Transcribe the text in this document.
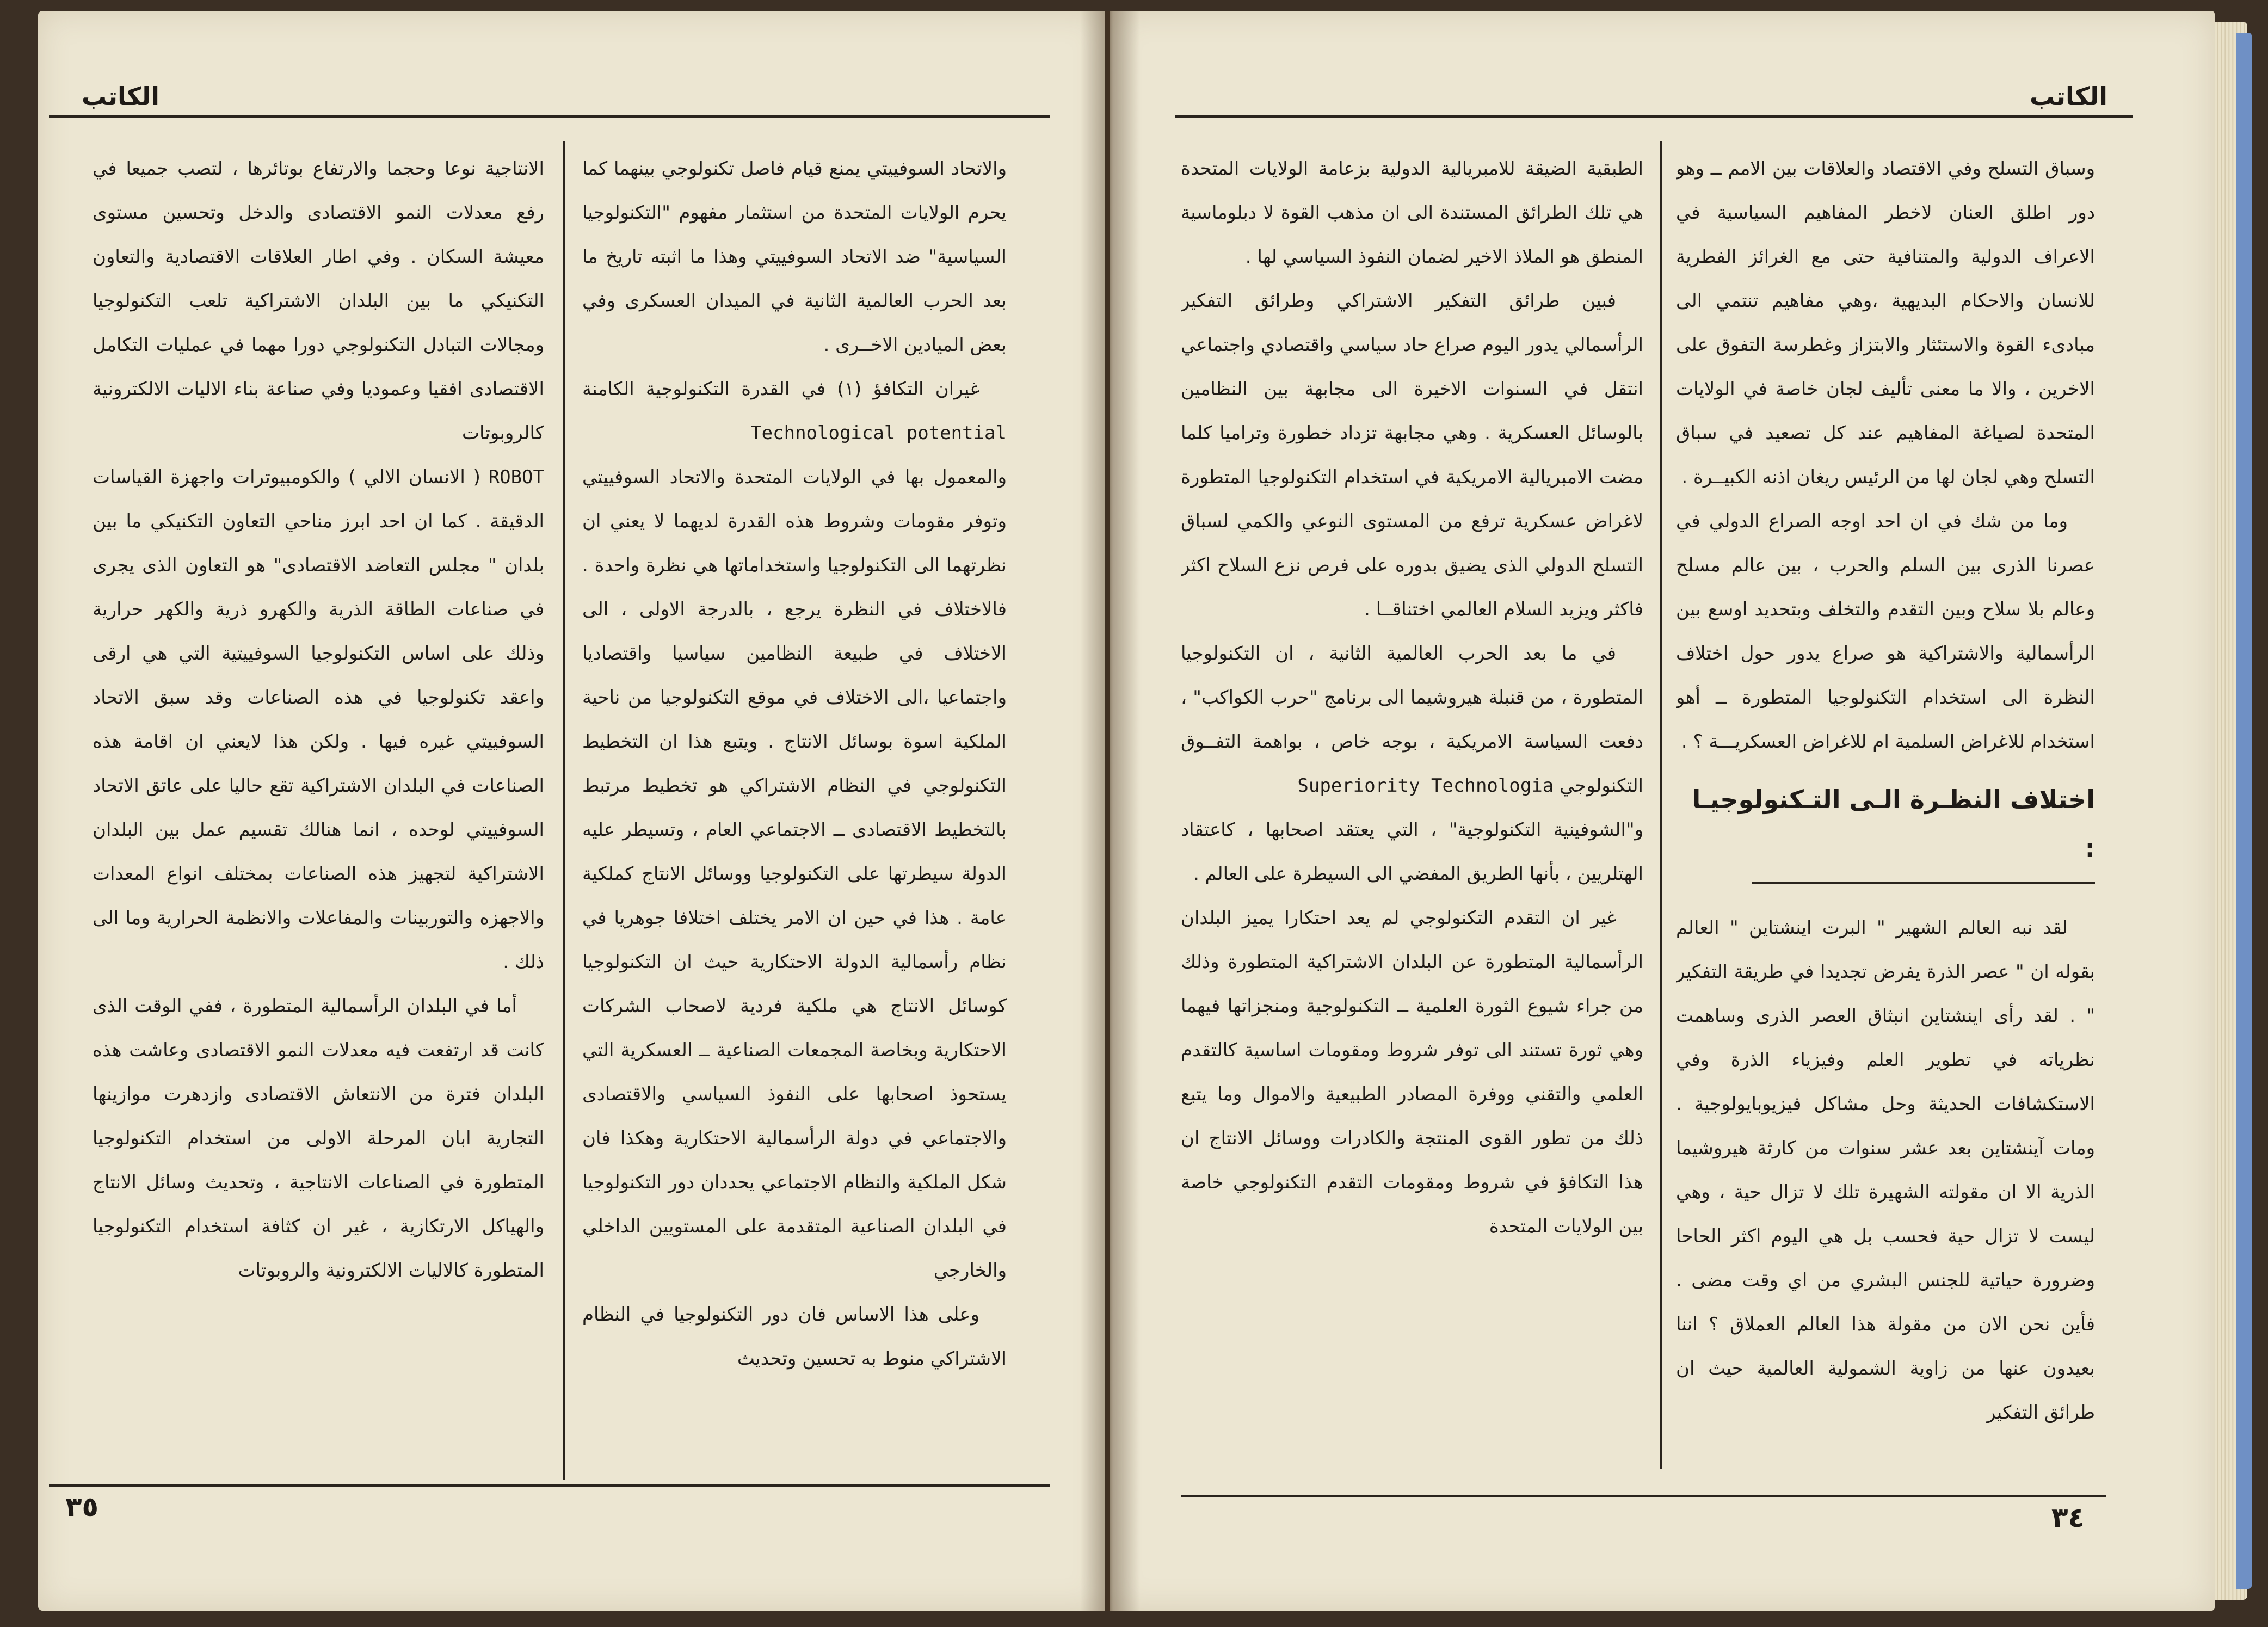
الكاتب
الكاتب

وسباق التسلح وفي الاقتصاد والعلاقات بين الامم ــ وهو دور اطلق العنان لاخطر المفاهيم السياسية في الاعراف الدولية والمتنافية حتى مع الغرائز الفطرية للانسان والاحكام البديهية ،وهي مفاهيم تنتمي الى مبادىء القوة والاستئثار والابتزاز وغطرسة التفوق على الاخرين ، والا ما معنى تأليف لجان خاصة في الولايات المتحدة لصياغة المفاهيم عند كل تصعيد في سباق التسلح وهي لجان لها من الرئيس ريغان اذنه الكبيــرة .

وما من شك في ان احد اوجه الصراع الدولي في عصرنا الذرى بين السلم والحرب ، بين عالم مسلح وعالم بلا سلاح وبين التقدم والتخلف وبتحديد اوسع بين الرأسمالية والاشتراكية هو صراع يدور حول اختلاف النظرة الى استخدام التكنولوجيا المتطورة ــ أهو استخدام للاغراض السلمية ام للاغراض العسكريـــة ؟ .

اختلاف النظـرة الـى التـكنولوجيـا :

لقد نبه العالم الشهير " البرت اينشتاين " العالم بقوله ان " عصر الذرة يفرض تجديدا في طريقة التفكير " . لقد رأى اينشتاين انبثاق العصر الذرى وساهمت نظرياته في تطوير العلم وفيزياء الذرة وفي الاستكشافات الحديثة وحل مشاكل فيزيوبايولوجية . ومات آينشتاين بعد عشر سنوات من كارثة هيروشيما الذرية الا ان مقولته الشهيرة تلك لا تزال حية ، وهي ليست لا تزال حية فحسب بل هي اليوم اكثر الحاحا وضرورة حياتية للجنس البشري من اي وقت مضى . فأين نحن الان من مقولة هذا العالم العملاق ؟ اننا بعيدون عنها من زاوية الشمولية العالمية حيث ان طرائق التفكير

الطبقية الضيقة للامبريالية الدولية بزعامة الولايات المتحدة هي تلك الطرائق المستندة الى ان مذهب القوة لا دبلوماسية المنطق هو الملاذ الاخير لضمان النفوذ السياسي لها .

فبين طرائق التفكير الاشتراكي وطرائق التفكير الرأسمالي يدور اليوم صراع حاد سياسي واقتصادي واجتماعي انتقل في السنوات الاخيرة الى مجابهة بين النظامين بالوسائل العسكرية . وهي مجابهة تزداد خطورة وتراميا كلما مضت الامبريالية الامريكية في استخدام التكنولوجيا المتطورة لاغراض عسكرية ترفع من المستوى النوعي والكمي لسباق التسلح الدولي الذى يضيق بدوره على فرص نزع السلاح اكثر فاكثر ويزيد السلام العالمي اختناقــا .

في ما بعد الحرب العالمية الثانية ، ان التكنولوجيا المتطورة ، من قنبلة هيروشيما الى برنامج "حرب الكواكب" ، دفعت السياسة الامريكية ، بوجه خاص ، بواهمة التفــوق التكنولوجي Superiority Technologia

و"الشوفينية التكنولوجية" ، التي يعتقد اصحابها ، كاعتقاد الهتلريين ، بأنها الطريق المفضي الى السيطرة على العالم .

غير ان التقدم التكنولوجي لم يعد احتكارا يميز البلدان الرأسمالية المتطورة عن البلدان الاشتراكية المتطورة وذلك من جراء شيوع الثورة العلمية ــ التكنولوجية ومنجزاتها فيهما وهي ثورة تستند الى توفر شروط ومقومات اساسية كالتقدم العلمي والتقني ووفرة المصادر الطبيعية والاموال وما يتبع ذلك من تطور القوى المنتجة والكادرات ووسائل الانتاج ان هذا التكافؤ في شروط ومقومات التقدم التكنولوجي خاصة بين الولايات المتحدة

٣٤

والاتحاد السوفييتي يمنع قيام فاصل تكنولوجي بينهما كما يحرم الولايات المتحدة من استثمار مفهوم "التكنولوجيا السياسية" ضد الاتحاد السوفييتي وهذا ما اثبته تاريخ ما بعد الحرب العالمية الثانية في الميدان العسكرى وفي بعض الميادين الاخــرى .

غيران التكافؤ (١) في القدرة التكنولوجية الكامنة Technological potential

والمعمول بها في الولايات المتحدة والاتحاد السوفييتي وتوفر مقومات وشروط هذه القدرة لديهما لا يعني ان نظرتهما الى التكنولوجيا واستخداماتها هي نظرة واحدة . فالاختلاف في النظرة يرجع ، بالدرجة الاولى ، الى الاختلاف في طبيعة النظامين سياسيا واقتصاديا واجتماعيا ،الى الاختلاف في موقع التكنولوجيا من ناحية الملكية اسوة بوسائل الانتاج . ويتبع هذا ان التخطيط التكنولوجي في النظام الاشتراكي هو تخطيط مرتبط بالتخطيط الاقتصادى ــ الاجتماعي العام ، وتسيطر عليه الدولة سيطرتها على التكنولوجيا ووسائل الانتاج كملكية عامة . هذا في حين ان الامر يختلف اختلافا جوهريا في نظام رأسمالية الدولة الاحتكارية حيث ان التكنولوجيا كوسائل الانتاج هي ملكية فردية لاصحاب الشركات الاحتكارية وبخاصة المجمعات الصناعية ــ العسكرية التي يستحوذ اصحابها على النفوذ السياسي والاقتصادى والاجتماعي في دولة الرأسمالية الاحتكارية وهكذا فان شكل الملكية والنظام الاجتماعي يحددان دور التكنولوجيا في البلدان الصناعية المتقدمة على المستويين الداخلي والخارجي

وعلى هذا الاساس فان دور التكنولوجيا في النظام الاشتراكي منوط به تحسين وتحديث

الانتاجية نوعا وحجما والارتفاع بوتائرها ، لتصب جميعا في رفع معدلات النمو الاقتصادى والدخل وتحسين مستوى معيشة السكان . وفي اطار العلاقات الاقتصادية والتعاون التكنيكي ما بين البلدان الاشتراكية تلعب التكنولوجيا ومجالات التبادل التكنولوجي دورا مهما في عمليات التكامل الاقتصادى افقيا وعموديا وفي صناعة بناء الاليات الالكترونية كالروبوتات

ROBOT ( الانسان الالي ) والكومبيوترات واجهزة القياسات الدقيقة . كما ان احد ابرز مناحي التعاون التكنيكي ما بين بلدان " مجلس التعاضد الاقتصادى" هو التعاون الذى يجرى في صناعات الطاقة الذرية والكهرو ذرية والكهر حرارية وذلك على اساس التكنولوجيا السوفييتية التي هي ارقى واعقد تكنولوجيا في هذه الصناعات وقد سبق الاتحاد السوفييتي غيره فيها . ولكن هذا لايعني ان اقامة هذه الصناعات في البلدان الاشتراكية تقع حاليا على عاتق الاتحاد السوفييتي لوحده ، انما هنالك تقسيم عمل بين البلدان الاشتراكية لتجهيز هذه الصناعات بمختلف انواع المعدات والاجهزه والتوربينات والمفاعلات والانظمة الحرارية وما الى ذلك .

أما في البلدان الرأسمالية المتطورة ، ففي الوقت الذى كانت قد ارتفعت فيه معدلات النمو الاقتصادى وعاشت هذه البلدان فترة من الانتعاش الاقتصادى وازدهرت موازينها التجارية ابان المرحلة الاولى من استخدام التكنولوجيا المتطورة في الصناعات الانتاجية ، وتحديث وسائل الانتاج والهياكل الارتكازية ، غير ان كثافة استخدام التكنولوجيا المتطورة كالاليات الالكترونية والروبوتات

٣٥
